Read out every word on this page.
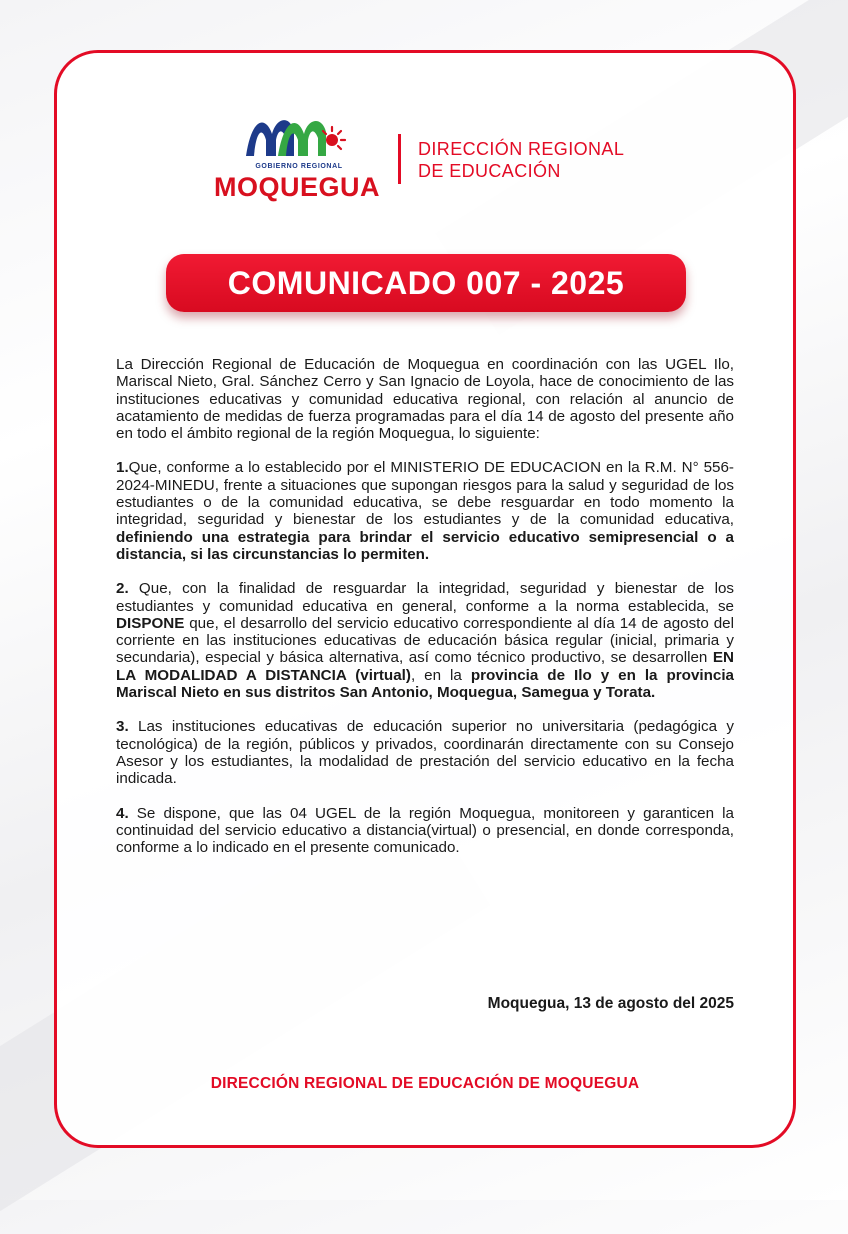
GOBIERNO REGIONAL
MOQUEGUA
DIRECCIÓN REGIONAL
DE EDUCACIÓN
COMUNICADO 007 - 2025

La Dirección Regional de Educación de Moquegua en coordinación con las UGEL Ilo, Mariscal Nieto, Gral. Sánchez Cerro y San Ignacio de Loyola, hace de conocimiento de las instituciones educativas y comunidad educativa regional, con relación al anuncio de acatamiento de medidas de fuerza programadas para el día 14 de agosto del presente año en todo el ámbito regional de la región Moquegua, lo siguiente:

1.Que, conforme a lo establecido por el MINISTERIO DE EDUCACION en la R.M. N° 556-2024-MINEDU, frente a situaciones que supongan riesgos para la salud y seguridad de los estudiantes o de la comunidad educativa, se debe resguardar en todo momento la integridad, seguridad y bienestar de los estudiantes y de la comunidad educativa, definiendo una estrategia para brindar el servicio educativo semipresencial o a distancia, si las circunstancias lo permiten.

2. Que, con la finalidad de resguardar la integridad, seguridad y bienestar de los estudiantes y comunidad educativa en general, conforme a la norma establecida, se DISPONE que, el desarrollo del servicio educativo correspondiente al día 14 de agosto del corriente en las instituciones educativas de educación básica regular (inicial, primaria y secundaria), especial y básica alternativa, así como técnico productivo, se desarrollen EN LA MODALIDAD A DISTANCIA (virtual), en la provincia de Ilo y en la provincia Mariscal Nieto en sus distritos San Antonio, Moquegua, Samegua y Torata.

3. Las instituciones educativas de educación superior no universitaria (pedagógica y tecnológica) de la región, públicos y privados, coordinarán directamente con su Consejo Asesor y los estudiantes, la modalidad de prestación del servicio educativo en la fecha indicada.

4. Se dispone, que las 04 UGEL de la región Moquegua, monitoreen y garanticen la continuidad del servicio educativo a distancia(virtual) o presencial, en donde corresponda, conforme a lo indicado en el presente comunicado.

Moquegua, 13 de agosto del 2025
DIRECCIÓN REGIONAL DE EDUCACIÓN DE MOQUEGUA
